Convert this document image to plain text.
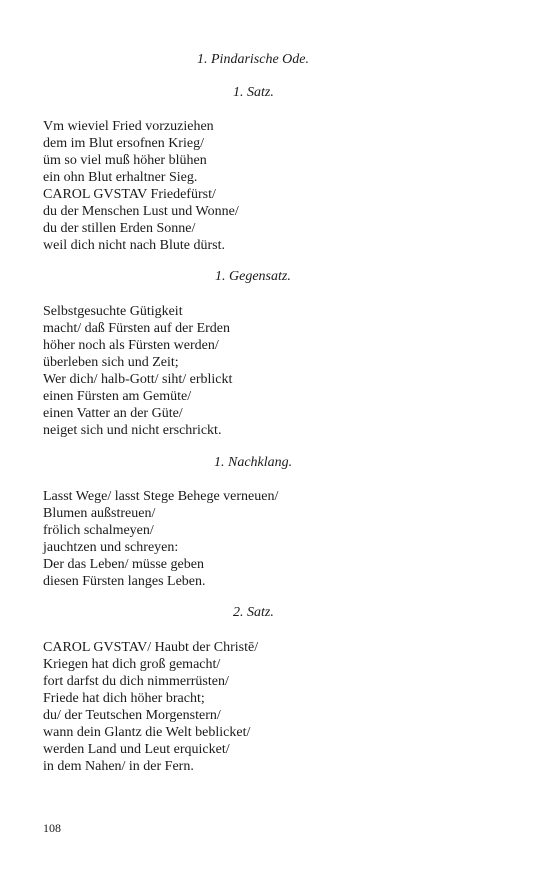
1. Pindarische Ode.
1. Satz.
Vm wieviel Fried vorzuziehen
dem im Blut ersofnen Krieg/
üm so viel muß höher blühen
ein ohn Blut erhaltner Sieg.
CAROL GVSTAV Friedefürst/
du der Menschen Lust und Wonne/
du der stillen Erden Sonne/
weil dich nicht nach Blute dürst.
1. Gegensatz.
Selbstgesuchte Gütigkeit
macht/ daß Fürsten auf der Erden
höher noch als Fürsten werden/
überleben sich und Zeit;
Wer dich/ halb-Gott/ siht/ erblickt
einen Fürsten am Gemüte/
einen Vatter an der Güte/
neiget sich und nicht erschrickt.
1. Nachklang.
Lasst Wege/ lasst Stege Behege verneuen/
Blumen außstreuen/
frölich schalmeyen/
jauchtzen und schreyen:
Der das Leben/ müsse geben
diesen Fürsten langes Leben.
2. Satz.
CAROL GVSTAV/ Haubt der Christē/
Kriegen hat dich groß gemacht/
fort darfst du dich nimmerrüsten/
Friede hat dich höher bracht;
du/ der Teutschen Morgenstern/
wann dein Glantz die Welt beblicket/
werden Land und Leut erquicket/
in dem Nahen/ in der Fern.
108
